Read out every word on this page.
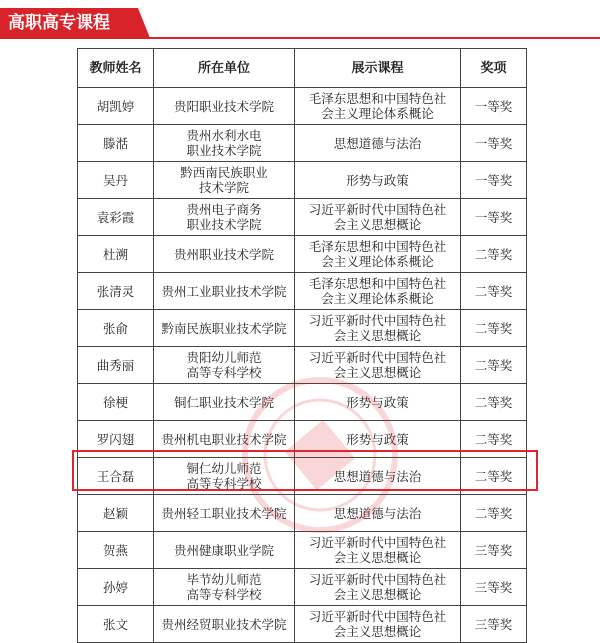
高职高专课程
教师姓名	所在单位	展示课程	奖项

胡凯婷	贵阳职业技术学院	毛泽东思想和中国特色社
会主义理论体系概论	一等奖

滕湉	贵州水利水电
职业技术学院	思想道德与法治	一等奖

吴丹	黔西南民族职业
技术学院	形势与政策	一等奖

袁彩霞	贵州电子商务
职业技术学院	习近平新时代中国特色社
会主义思想概论	一等奖

杜溯	贵州职业技术学院	毛泽东思想和中国特色社
会主义理论体系概论	二等奖

张清灵	贵州工业职业技术学院	毛泽东思想和中国特色社
会主义理论体系概论	二等奖

张俞	黔南民族职业技术学院	习近平新时代中国特色社
会主义思想概论	二等奖

曲秀丽	贵阳幼儿师范
高等专科学校	习近平新时代中国特色社
会主义思想概论	二等奖

徐梗	铜仁职业技术学院	形势与政策	二等奖

罗闪翅	贵州机电职业技术学院	形势与政策	二等奖

王合磊	铜仁幼儿师范
高等专科学校	思想道德与法治	二等奖

赵颖	贵州轻工职业技术学院	思想道德与法治	二等奖

贺燕	贵州健康职业学院	习近平新时代中国特色社
会主义思想概论	三等奖

孙婷	毕节幼儿师范
高等专科学校	习近平新时代中国特色社
会主义思想概论	三等奖

张文	贵州经贸职业技术学院	习近平新时代中国特色社
会主义思想概论	三等奖
